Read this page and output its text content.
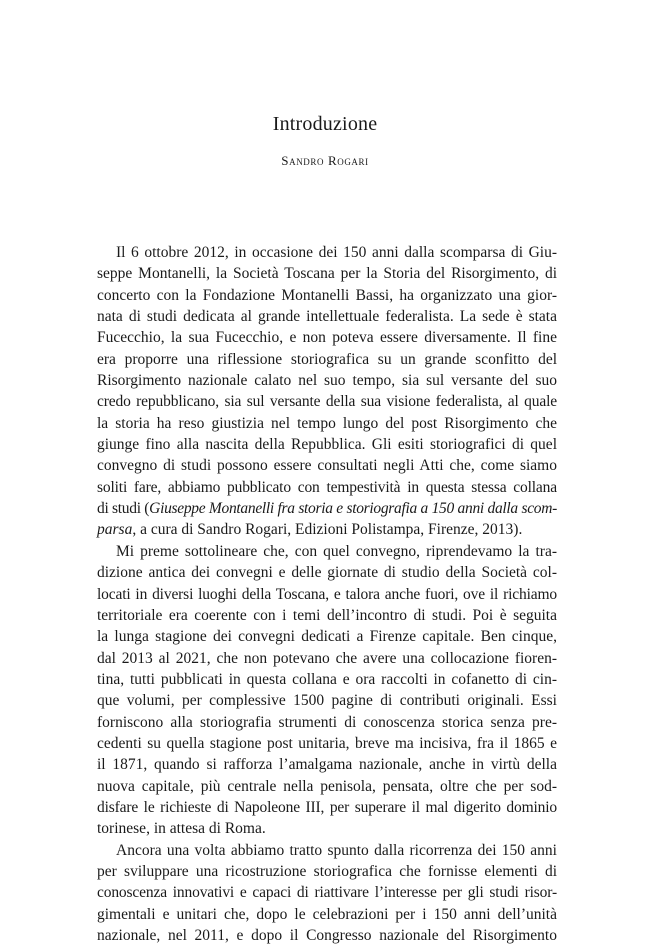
Introduzione
Sandro Rogari
Il 6 ottobre 2012, in occasione dei 150 anni dalla scomparsa di Giu-
seppe Montanelli, la Società Toscana per la Storia del Risorgimento, di
concerto con la Fondazione Montanelli Bassi, ha organizzato una gior-
nata di studi dedicata al grande intellettuale federalista. La sede è stata
Fucecchio, la sua Fucecchio, e non poteva essere diversamente. Il fine
era proporre una riflessione storiografica su un grande sconfitto del
Risorgimento nazionale calato nel suo tempo, sia sul versante del suo
credo repubblicano, sia sul versante della sua visione federalista, al quale
la storia ha reso giustizia nel tempo lungo del post Risorgimento che
giunge fino alla nascita della Repubblica. Gli esiti storiografici di quel
convegno di studi possono essere consultati negli Atti che, come siamo
soliti fare, abbiamo pubblicato con tempestività in questa stessa collana
di studi (Giuseppe Montanelli fra storia e storiografia a 150 anni dalla scom-
parsa, a cura di Sandro Rogari, Edizioni Polistampa, Firenze, 2013).
Mi preme sottolineare che, con quel convegno, riprendevamo la tra-
dizione antica dei convegni e delle giornate di studio della Società col-
locati in diversi luoghi della Toscana, e talora anche fuori, ove il richiamo
territoriale era coerente con i temi dell’incontro di studi. Poi è seguita
la lunga stagione dei convegni dedicati a Firenze capitale. Ben cinque,
dal 2013 al 2021, che non potevano che avere una collocazione fioren-
tina, tutti pubblicati in questa collana e ora raccolti in cofanetto di cin-
que volumi, per complessive 1500 pagine di contributi originali. Essi
forniscono alla storiografia strumenti di conoscenza storica senza pre-
cedenti su quella stagione post unitaria, breve ma incisiva, fra il 1865 e
il 1871, quando si rafforza l’amalgama nazionale, anche in virtù della
nuova capitale, più centrale nella penisola, pensata, oltre che per sod-
disfare le richieste di Napoleone III, per superare il mal digerito dominio
torinese, in attesa di Roma.
Ancora una volta abbiamo tratto spunto dalla ricorrenza dei 150 anni
per sviluppare una ricostruzione storiografica che fornisse elementi di
conoscenza innovativi e capaci di riattivare l’interesse per gli studi risor-
gimentali e unitari che, dopo le celebrazioni per i 150 anni dell’unità
nazionale, nel 2011, e dopo il Congresso nazionale del Risorgimento
